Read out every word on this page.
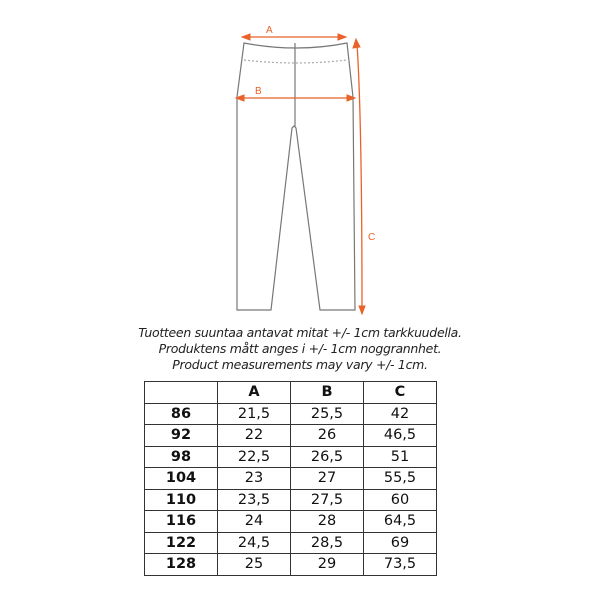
A
B
C
Tuotteen suuntaa antavat mitat +/- 1cm tarkkuudella.
Produktens mått anges i +/- 1cm noggrannhet.
Product measurements may vary +/- 1cm.
	A	B	C
86	21,5	25,5	42
92	22	26	46,5
98	22,5	26,5	51
104	23	27	55,5
110	23,5	27,5	60
116	24	28	64,5
122	24,5	28,5	69
128	25	29	73,5
